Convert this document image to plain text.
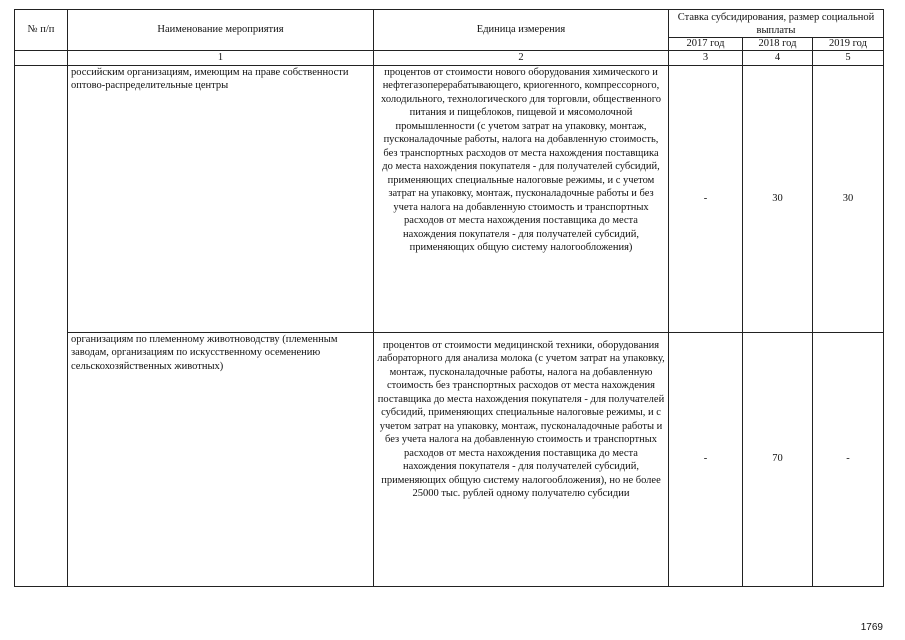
№ п/п	Наименование мероприятия	Единица измерения	Ставка субсидирования, размер социальной выплаты		
			2017 год	2018 год	2019 год
	1	2	3	4	5
	российским организациям, имеющим на праве собственности оптово-распределительные центры	процентов от стоимости нового оборудования химического и нефтегазоперерабатывающего, криогенного, компрессорного, холодильного, технологического для торговли, общественного питания и пищеблоков, пищевой и мясомолочной промышленности (с учетом затрат на упаковку, монтаж, пусконаладочные работы, налога на добавленную стоимость, без транспортных расходов от места нахождения поставщика до места нахождения покупателя - для получателей субсидий, применяющих специальные налоговые режимы, и с учетом затрат на упаковку, монтаж, пусконаладочные работы и без учета налога на добавленную стоимость и транспортных расходов от места нахождения поставщика до места нахождения покупателя - для получателей субсидий, применяющих общую систему налогообложения)	-	30	30
	организациям по племенному животноводству (племенным заводам, организациям по искусственному осеменению сельскохозяйственных животных)	процентов от стоимости медицинской техники, оборудования лабораторного для анализа молока (с учетом затрат на упаковку, монтаж, пусконаладочные работы, налога на добавленную стоимость без транспортных расходов от места нахождения поставщика до места нахождения покупателя - для получателей субсидий, применяющих специальные налоговые режимы, и с учетом затрат на упаковку, монтаж, пусконаладочные работы и без учета налога на добавленную стоимость и транспортных расходов от места нахождения поставщика до места нахождения покупателя - для получателей субсидий, применяющих общую систему налогообложения), но не более 25000 тыс. рублей одному получателю субсидии	-	70	-
1769
